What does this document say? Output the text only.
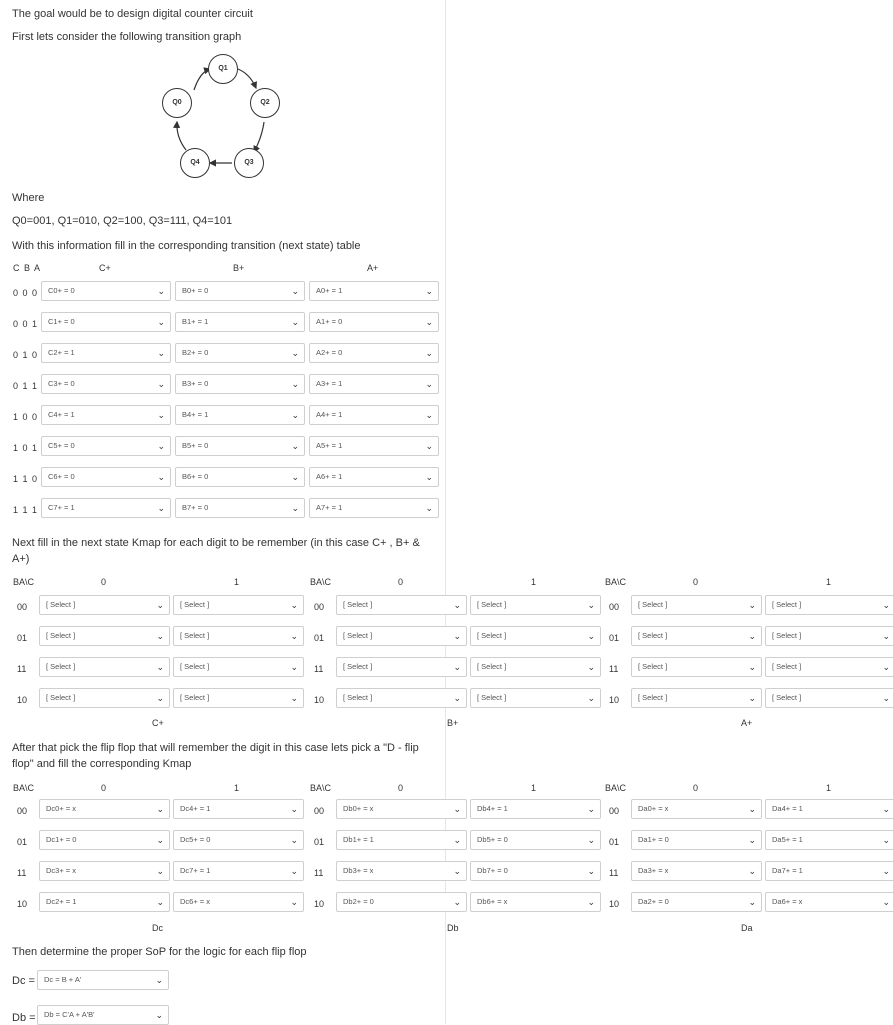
The goal would be to design digital counter circuit
First lets consider the following transition graph
Q1
Q0	Q2
Q4	Q3
Where
Q0=001, Q1=010, Q2=100, Q3=111, Q4=101
With this information fill in the corresponding transition (next state) table
C B A	C+	B+	A+
0 0 0	C0+ = 0	⌄	B0+ = 0	⌄	A0+ = 1	⌄
0 0 1	C1+ = 0	⌄	B1+ = 1	⌄	A1+ = 0	⌄
0 1 0	C2+ = 1	⌄	B2+ = 0	⌄	A2+ = 0	⌄
0 1 1	C3+ = 0	⌄	B3+ = 0	⌄	A3+ = 1	⌄
1 0 0	C4+ = 1	⌄	B4+ = 1	⌄	A4+ = 1	⌄
1 0 1	C5+ = 0	⌄	B5+ = 0	⌄	A5+ = 1	⌄
1 1 0	C6+ = 0	⌄	B6+ = 0	⌄	A6+ = 1	⌄
1 1 1	C7+ = 1	⌄	B7+ = 0	⌄	A7+ = 1	⌄
Next fill in the next state Kmap for each digit to be remember (in this case C+ , B+ & A+)
BA\C	0	1
00	[ Select ]	⌄	[ Select ]	⌄
01	[ Select ]	⌄	[ Select ]	⌄
11	[ Select ]	⌄	[ Select ]	⌄
10	[ Select ]	⌄	[ Select ]	⌄
C+
BA\C	0	1
00	[ Select ]	⌄	[ Select ]	⌄
01	[ Select ]	⌄	[ Select ]	⌄
11	[ Select ]	⌄	[ Select ]	⌄
10	[ Select ]	⌄	[ Select ]	⌄
B+
BA\C	0	1
00	[ Select ]	⌄	[ Select ]	⌄
01	[ Select ]	⌄	[ Select ]	⌄
11	[ Select ]	⌄	[ Select ]	⌄
10	[ Select ]	⌄	[ Select ]	⌄
A+
After that pick the flip flop that will remember the digit in this case lets pick a "D - flip flop" and fill the corresponding Kmap
BA\C	0	1
00	Dc0+ = x	⌄	Dc4+ = 1	⌄
01	Dc1+ = 0	⌄	Dc5+ = 0	⌄
11	Dc3+ = x	⌄	Dc7+ = 1	⌄
10	Dc2+ = 1	⌄	Dc6+ = x	⌄
Dc
BA\C	0	1
00	Db0+ = x	⌄	Db4+ = 1	⌄
01	Db1+ = 1	⌄	Db5+ = 0	⌄
11	Db3+ = x	⌄	Db7+ = 0	⌄
10	Db2+ = 0	⌄	Db6+ = x	⌄
Db
BA\C	0	1
00	Da0+ = x	⌄	Da4+ = 1	⌄
01	Da1+ = 0	⌄	Da5+ = 1	⌄
11	Da3+ = x	⌄	Da7+ = 1	⌄
10	Da2+ = 0	⌄	Da6+ = x	⌄
Da
Then determine the proper SoP for the logic for each flip flop
Dc =	Dc = B + A'	⌄
Db =	Db = C'A + A'B'	⌄
